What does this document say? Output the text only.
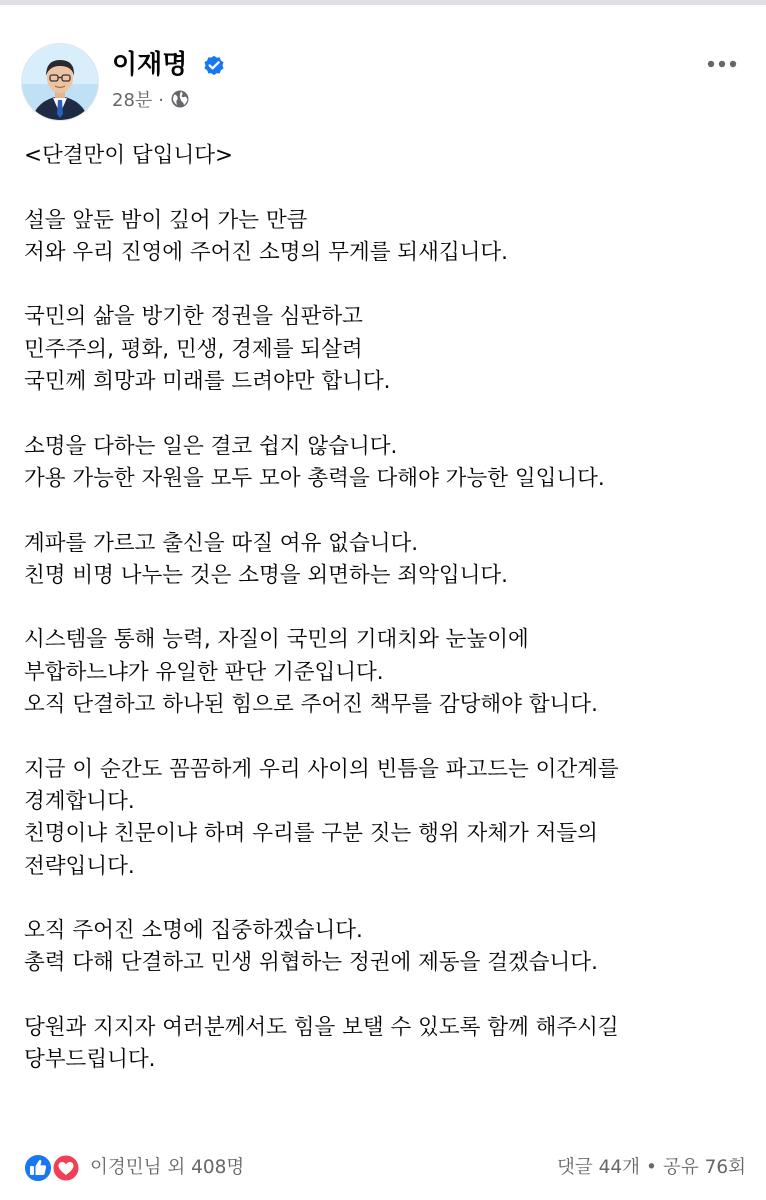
이재명
28분 ·
<단결만이 답입니다>
설을 앞둔 밤이 깊어 가는 만큼
저와 우리 진영에 주어진 소명의 무게를 되새깁니다.
국민의 삶을 방기한 정권을 심판하고
민주주의, 평화, 민생, 경제를 되살려
국민께 희망과 미래를 드려야만 합니다.
소명을 다하는 일은 결코 쉽지 않습니다.
가용 가능한 자원을 모두 모아 총력을 다해야 가능한 일입니다.
계파를 가르고 출신을 따질 여유 없습니다.
친명 비명 나누는 것은 소명을 외면하는 죄악입니다.
시스템을 통해 능력, 자질이 국민의 기대치와 눈높이에
부합하느냐가 유일한 판단 기준입니다.
오직 단결하고 하나된 힘으로 주어진 책무를 감당해야 합니다.
지금 이 순간도 꼼꼼하게 우리 사이의 빈틈을 파고드는 이간계를
경계합니다.
친명이냐 친문이냐 하며 우리를 구분 짓는 행위 자체가 저들의
전략입니다.
오직 주어진 소명에 집중하겠습니다.
총력 다해 단결하고 민생 위협하는 정권에 제동을 걸겠습니다.
당원과 지지자 여러분께서도 힘을 보탤 수 있도록 함께 해주시길
당부드립니다.
이경민님 외 408명	댓글 44개 • 공유 76회
